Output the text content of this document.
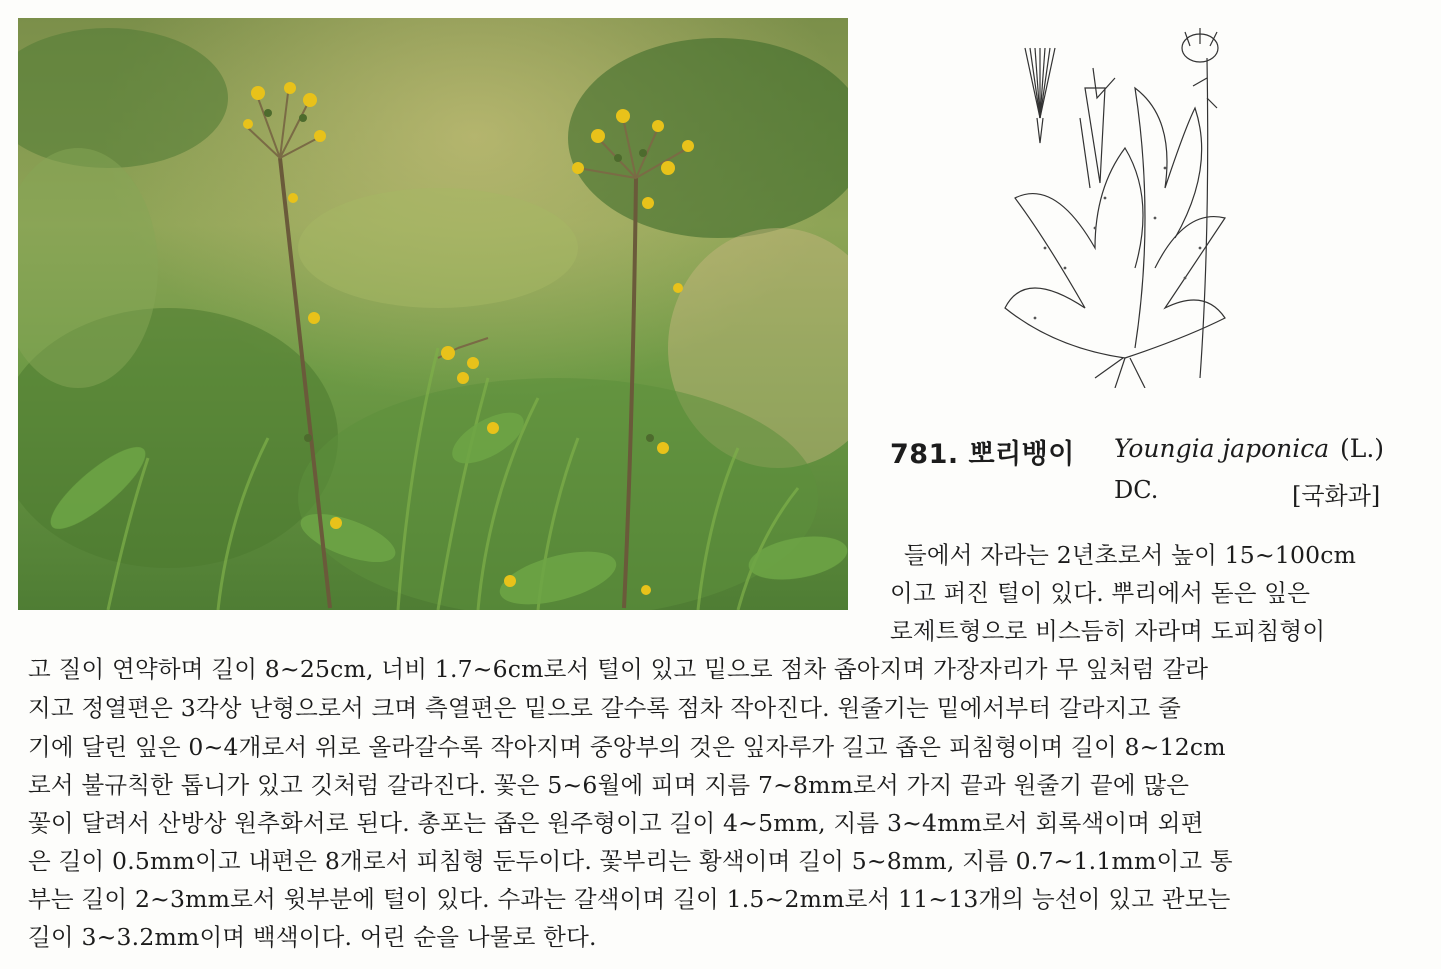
781. 뽀리뱅이 Youngia japonica (L.)
DC.	[국화과]
들에서 자라는 2년초로서 높이 15~100cm
이고 퍼진 털이 있다. 뿌리에서 돋은 잎은
로제트형으로 비스듬히 자라며 도피침형이
고 질이 연약하며 길이 8~25cm, 너비 1.7~6cm로서 털이 있고 밑으로 점차 좁아지며 가장자리가 무 잎처럼 갈라
지고 정열편은 3각상 난형으로서 크며 측열편은 밑으로 갈수록 점차 작아진다. 원줄기는 밑에서부터 갈라지고 줄
기에 달린 잎은 0~4개로서 위로 올라갈수록 작아지며 중앙부의 것은 잎자루가 길고 좁은 피침형이며 길이 8~12cm
로서 불규칙한 톱니가 있고 깃처럼 갈라진다. 꽃은 5~6월에 피며 지름 7~8mm로서 가지 끝과 원줄기 끝에 많은
꽃이 달려서 산방상 원추화서로 된다. 총포는 좁은 원주형이고 길이 4~5mm, 지름 3~4mm로서 회록색이며 외편
은 길이 0.5mm이고 내편은 8개로서 피침형 둔두이다. 꽃부리는 황색이며 길이 5~8mm, 지름 0.7~1.1mm이고 통
부는 길이 2~3mm로서 윗부분에 털이 있다. 수과는 갈색이며 길이 1.5~2mm로서 11~13개의 능선이 있고 관모는
길이 3~3.2mm이며 백색이다. 어린 순을 나물로 한다.
